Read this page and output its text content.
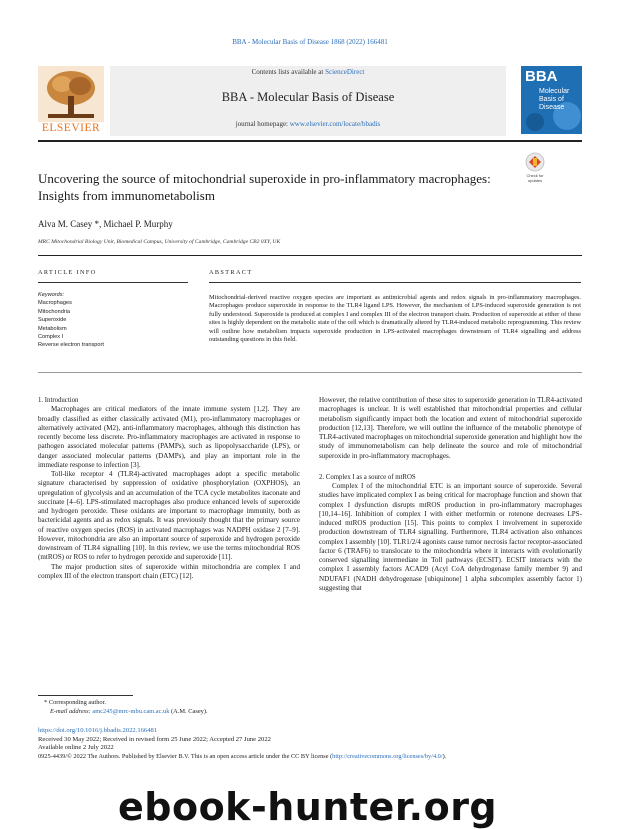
BBA - Molecular Basis of Disease 1868 (2022) 166481
ELSEVIER
Contents lists available at ScienceDirect
BBA - Molecular Basis of Disease
journal homepage: www.elsevier.com/locate/bbadis
BBA
Molecular Basis of Disease
Uncovering the source of mitochondrial superoxide in pro-inflammatory macrophages: Insights from immunometabolism
Check for updates
Alva M. Casey *, Michael P. Murphy
MRC Mitochondrial Biology Unit, Biomedical Campus, University of Cambridge, Cambridge CB2 0XY, UK
ARTICLE INFO	ABSTRACT
Keywords:
Macrophages
Mitochondria
Superoxide
Metabolism
Complex I
Reverse electron transport
Mitochondrial-derived reactive oxygen species are important as antimicrobial agents and redox signals in pro-inflammatory macrophages. Macrophages produce superoxide in response to the TLR4 ligand LPS. However, the mechanism of LPS-induced superoxide generation is not fully understood. Superoxide is produced at complex I and complex III of the electron transport chain. Production of superoxide at either of these sites is highly dependent on the metabolic state of the cell which is dramatically altered by TLR4-induced metabolic reprogramming. This review will outline how metabolism impacts superoxide production in LPS-activated macrophages downstream of TLR4 signalling and address outstanding questions in this field.

1. Introduction

Macrophages are critical mediators of the innate immune system [1,2]. They are broadly classified as either classically activated (M1), pro-inflammatory macrophages or alternatively activated (M2), anti-inflammatory macrophages, although this distinction has recently become less discrete. Pro-inflammatory macrophages are activated in response to pathogen associated molecular patterns (PAMPs), such as lipopolysaccharide (LPS), or danger associated molecular patterns (DAMPs), and play an important role in the immediate response to infection [3].

Toll-like receptor 4 (TLR4)-activated macrophages adopt a specific metabolic signature characterised by suppression of oxidative phosphorylation (OXPHOS), an upregulation of glycolysis and an accumulation of the TCA cycle metabolites itaconate and succinate [4–6]. LPS-stimulated macrophages also produce enhanced levels of superoxide and hydrogen peroxide. These oxidants are important to macrophage immunity, both as bactericidal agents and as redox signals. It was previously thought that the primary source of reactive oxygen species (ROS) in activated macrophages was NADPH oxidase 2 [7–9]. However, mitochondria are also an important source of superoxide and hydrogen peroxide downstream of TLR4 signalling [10]. In this review, we use the terms mitochondrial ROS (mtROS) or ROS to refer to hydrogen peroxide and superoxide [11].

The major production sites of superoxide within mitochondria are complex I and complex III of the electron transport chain (ETC) [12].

However, the relative contribution of these sites to superoxide generation in TLR4-activated macrophages is unclear. It is well established that mitochondrial properties and cellular metabolism significantly impact both the location and extent of mitochondrial superoxide production [12,13]. Therefore, we will outline the influence of the metabolic phenotype of TLR4-activated macrophages on mitochondrial superoxide generation and highlight how the study of immunometabolism can help delineate the source and role of mitochondrial superoxide in pro-inflammatory macrophages.

2. Complex I as a source of mtROS

Complex I of the mitochondrial ETC is an important source of superoxide. Several studies have implicated complex I as being critical for macrophage function and shown that complex I dysfunction disrupts mtROS production in pro-inflammatory macrophages [10,14–16]. Inhibition of complex I with either metformin or rotenone decreases LPS-induced mtROS production [15]. This points to complex I involvement in superoxide production downstream of TLR4 signalling. Furthermore, TLR4 activation also enhances complex I assembly [10]. TLR1/2/4 agonists cause tumor necrosis factor receptor-associated factor 6 (TRAF6) to translocate to the mitochondria where it interacts with evolutionarily conserved signalling intermediate in Toll pathways (ECSIT). ECSIT interacts with the complex I assembly factors ACAD9 (Acyl CoA dehydrogenase family member 9) and NDUFAF1 (NADH dehydrogenase [ubiquinone] 1 alpha subcomplex assembly factor 1) suggesting that

* Corresponding author.
E-mail address: amc245@mrc-mbu.cam.ac.uk (A.M. Casey).
https://doi.org/10.1016/j.bbadis.2022.166481
Received 30 May 2022; Received in revised form 25 June 2022; Accepted 27 June 2022
Available online 2 July 2022
0925-4439/© 2022 The Authors. Published by Elsevier B.V. This is an open access article under the CC BY license (http://creativecommons.org/licenses/by/4.0/).
ebook-hunter.org
